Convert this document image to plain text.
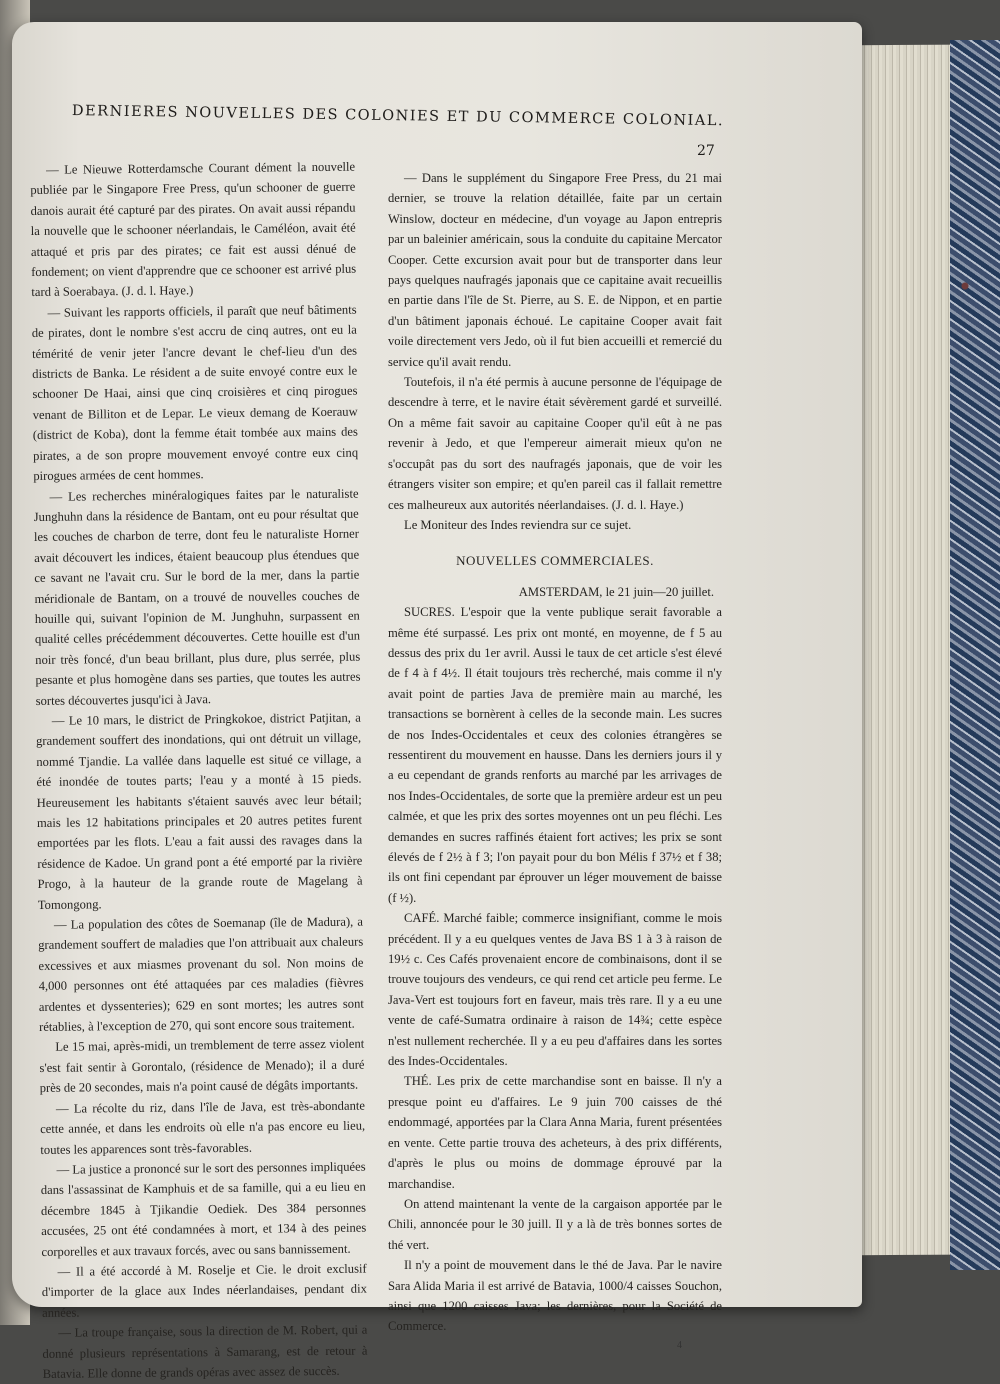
DERNIERES NOUVELLES DES COLONIES ET DU COMMERCE COLONIAL.
27

— Le Nieuwe Rotterdamsche Courant dément la nouvelle publiée par le Singapore Free Press, qu'un schooner de guerre danois aurait été capturé par des pirates. On avait aussi répandu la nouvelle que le schooner néerlandais, le Caméléon, avait été attaqué et pris par des pirates; ce fait est aussi dénué de fondement; on vient d'apprendre que ce schooner est arrivé plus tard à Soerabaya. (J. d. l. Haye.)

— Suivant les rapports officiels, il paraît que neuf bâtiments de pirates, dont le nombre s'est accru de cinq autres, ont eu la témérité de venir jeter l'ancre devant le chef-lieu d'un des districts de Banka. Le résident a de suite envoyé contre eux le schooner De Haai, ainsi que cinq croisières et cinq pirogues venant de Billiton et de Lepar. Le vieux demang de Koerauw (district de Koba), dont la femme était tombée aux mains des pirates, a de son propre mouvement envoyé contre eux cinq pirogues armées de cent hommes.

— Les recherches minéralogiques faites par le naturaliste Junghuhn dans la résidence de Bantam, ont eu pour résultat que les couches de charbon de terre, dont feu le naturaliste Horner avait découvert les indices, étaient beaucoup plus étendues que ce savant ne l'avait cru. Sur le bord de la mer, dans la partie méridionale de Bantam, on a trouvé de nouvelles couches de houille qui, suivant l'opinion de M. Junghuhn, surpassent en qualité celles précédemment découvertes. Cette houille est d'un noir très foncé, d'un beau brillant, plus dure, plus serrée, plus pesante et plus homogène dans ses parties, que toutes les autres sortes découvertes jusqu'ici à Java.

— Le 10 mars, le district de Pringkokoe, district Patjitan, a grandement souffert des inondations, qui ont détruit un village, nommé Tjandie. La vallée dans laquelle est situé ce village, a été inondée de toutes parts; l'eau y a monté à 15 pieds. Heureusement les habitants s'étaient sauvés avec leur bétail; mais les 12 habitations principales et 20 autres petites furent emportées par les flots. L'eau a fait aussi des ravages dans la résidence de Kadoe. Un grand pont a été emporté par la rivière Progo, à la hauteur de la grande route de Magelang à Tomongong.

— La population des côtes de Soemanap (île de Madura), a grandement souffert de maladies que l'on attribuait aux chaleurs excessives et aux miasmes provenant du sol. Non moins de 4,000 personnes ont été attaquées par ces maladies (fièvres ardentes et dyssenteries); 629 en sont mortes; les autres sont rétablies, à l'exception de 270, qui sont encore sous traitement.

Le 15 mai, après-midi, un tremblement de terre assez violent s'est fait sentir à Gorontalo, (résidence de Menado); il a duré près de 20 secondes, mais n'a point causé de dégâts importants.

— La récolte du riz, dans l'île de Java, est très-abondante cette année, et dans les endroits où elle n'a pas encore eu lieu, toutes les apparences sont très-favorables.

— La justice a prononcé sur le sort des personnes impliquées dans l'assassinat de Kamphuis et de sa famille, qui a eu lieu en décembre 1845 à Tjikandie Oediek. Des 384 personnes accusées, 25 ont été condamnées à mort, et 134 à des peines corporelles et aux travaux forcés, avec ou sans bannissement.

— Il a été accordé à M. Roselje et Cie. le droit exclusif d'importer de la glace aux Indes néerlandaises, pendant dix années.

— La troupe française, sous la direction de M. Robert, qui a donné plusieurs représentations à Samarang, est de retour à Batavia. Elle donne de grands opéras avec assez de succès.

— Dans le supplément du Singapore Free Press, du 21 mai dernier, se trouve la relation détaillée, faite par un certain Winslow, docteur en médecine, d'un voyage au Japon entrepris par un baleinier américain, sous la conduite du capitaine Mercator Cooper. Cette excursion avait pour but de transporter dans leur pays quelques naufragés japonais que ce capitaine avait recueillis en partie dans l'île de St. Pierre, au S. E. de Nippon, et en partie d'un bâtiment japonais échoué. Le capitaine Cooper avait fait voile directement vers Jedo, où il fut bien accueilli et remercié du service qu'il avait rendu.

Toutefois, il n'a été permis à aucune personne de l'équipage de descendre à terre, et le navire était sévèrement gardé et surveillé. On a même fait savoir au capitaine Cooper qu'il eût à ne pas revenir à Jedo, et que l'empereur aimerait mieux qu'on ne s'occupât pas du sort des naufragés japonais, que de voir les étrangers visiter son empire; et qu'en pareil cas il fallait remettre ces malheureux aux autorités néerlandaises. (J. d. l. Haye.)

Le Moniteur des Indes reviendra sur ce sujet.

NOUVELLES COMMERCIALES.

AMSTERDAM, le 21 juin—20 juillet.

SUCRES. L'espoir que la vente publique serait favorable a même été surpassé. Les prix ont monté, en moyenne, de f 5 au dessus des prix du 1er avril. Aussi le taux de cet article s'est élevé de f 4 à f 4½. Il était toujours très recherché, mais comme il n'y avait point de parties Java de première main au marché, les transactions se bornèrent à celles de la seconde main. Les sucres de nos Indes-Occidentales et ceux des colonies étrangères se ressentirent du mouvement en hausse. Dans les derniers jours il y a eu cependant de grands renforts au marché par les arrivages de nos Indes-Occidentales, de sorte que la première ardeur est un peu calmée, et que les prix des sortes moyennes ont un peu fléchi. Les demandes en sucres raffinés étaient fort actives; les prix se sont élevés de f 2½ à f 3; l'on payait pour du bon Mélis f 37½ et f 38; ils ont fini cependant par éprouver un léger mouvement de baisse (f ½).

CAFÉ. Marché faible; commerce insignifiant, comme le mois précédent. Il y a eu quelques ventes de Java BS 1 à 3 à raison de 19½ c. Ces Cafés provenaient encore de combinaisons, dont il se trouve toujours des vendeurs, ce qui rend cet article peu ferme. Le Java-Vert est toujours fort en faveur, mais très rare. Il y a eu une vente de café-Sumatra ordinaire à raison de 14¾; cette espèce n'est nullement recherchée. Il y a eu peu d'affaires dans les sortes des Indes-Occidentales.

THÉ. Les prix de cette marchandise sont en baisse. Il n'y a presque point eu d'affaires. Le 9 juin 700 caisses de thé endommagé, apportées par la Clara Anna Maria, furent présentées en vente. Cette partie trouva des acheteurs, à des prix différents, d'après le plus ou moins de dommage éprouvé par la marchandise.

On attend maintenant la vente de la cargaison apportée par le Chili, annoncée pour le 30 juill. Il y a là de très bonnes sortes de thé vert.

Il n'y a point de mouvement dans le thé de Java. Par le navire Sara Alida Maria il est arrivé de Batavia, 1000/4 caisses Souchon, ainsi que 1200 caisses Java; les dernières, pour la Société de Commerce.

4
